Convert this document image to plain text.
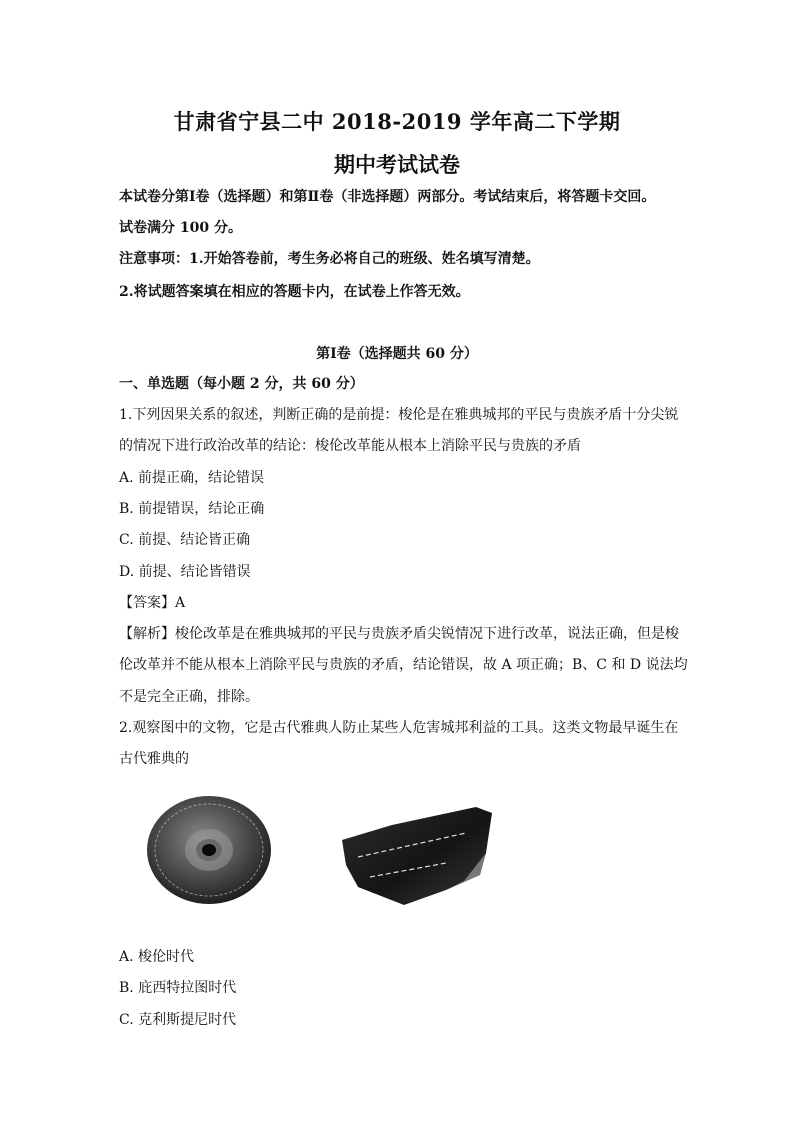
甘肃省宁县二中 2018-2019 学年高二下学期
期中考试试卷
本试卷分第Ⅰ卷（选择题）和第Ⅱ卷（非选择题）两部分。考试结束后，将答题卡交回。
试卷满分 100 分。
注意事项：1.开始答卷前，考生务必将自己的班级、姓名填写清楚。
2.将试题答案填在相应的答题卡内，在试卷上作答无效。
第Ⅰ卷（选择题共 60 分）
一、单选题（每小题 2 分，共 60 分）
1.下列因果关系的叙述，判断正确的是前提：梭伦是在雅典城邦的平民与贵族矛盾十分尖锐
的情况下进行政治改革的结论：梭伦改革能从根本上消除平民与贵族的矛盾
A. 前提正确，结论错误
B. 前提错误，结论正确
C. 前提、结论皆正确
D. 前提、结论皆错误
【答案】A
【解析】梭伦改革是在雅典城邦的平民与贵族矛盾尖锐情况下进行改革，说法正确，但是梭
伦改革并不能从根本上消除平民与贵族的矛盾，结论错误，故 A 项正确；B、C 和 D 说法均
不是完全正确，排除。
2.观察图中的文物，它是古代雅典人防止某些人危害城邦利益的工具。这类文物最早诞生在
古代雅典的
A. 梭伦时代
B. 庇西特拉图时代
C. 克利斯提尼时代
